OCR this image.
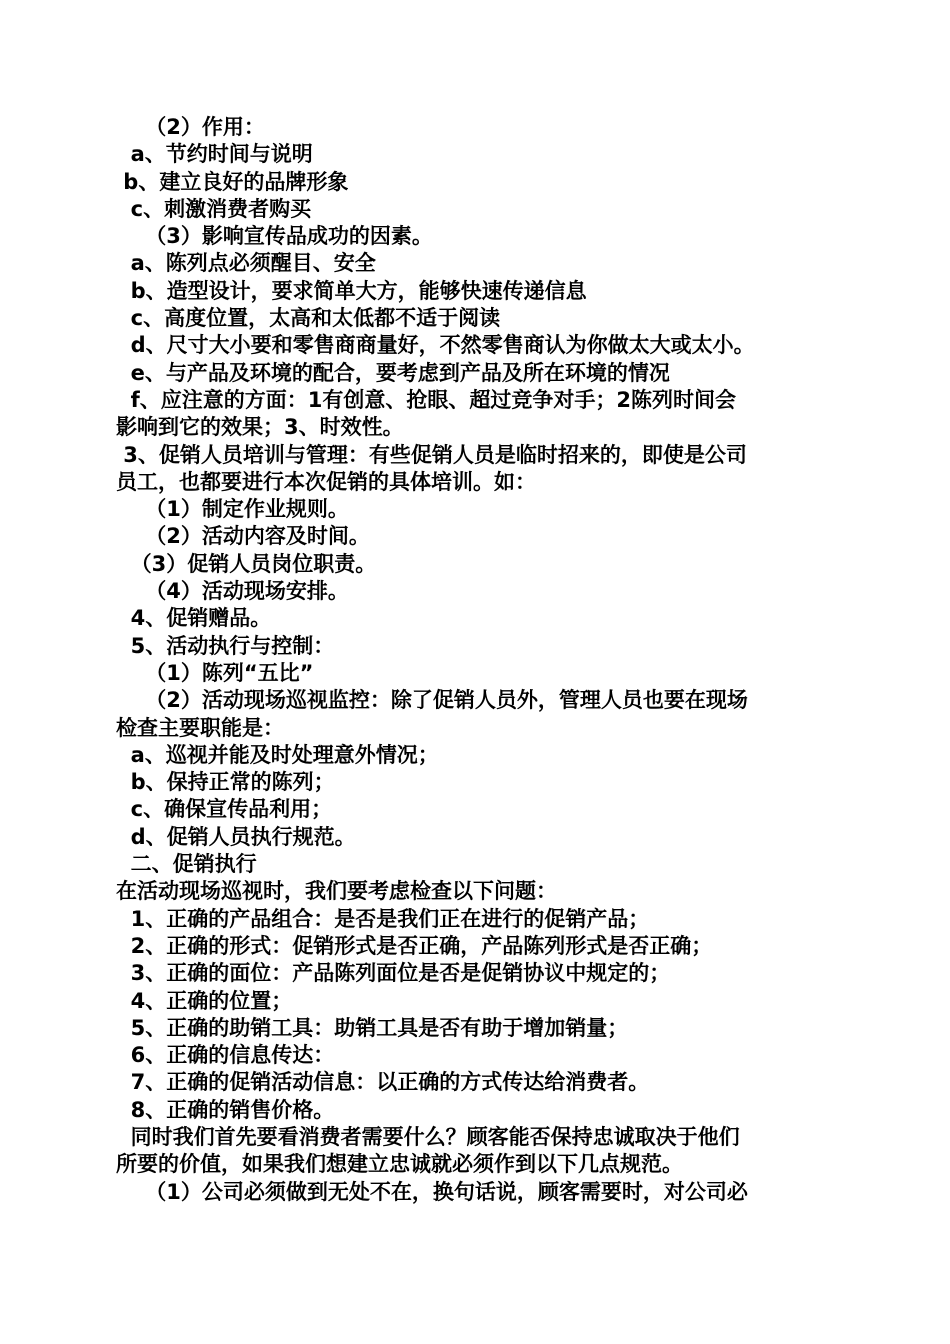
（2）作用：
a、节约时间与说明
b、建立良好的品牌形象
c、刺激消费者购买
（3）影响宣传品成功的因素。
a、陈列点必须醒目、安全
b、造型设计，要求简单大方，能够快速传递信息
c、高度位置，太高和太低都不适于阅读
d、尺寸大小要和零售商商量好，不然零售商认为你做太大或太小。
e、与产品及环境的配合，要考虑到产品及所在环境的情况
f、应注意的方面：1有创意、抢眼、超过竞争对手；2陈列时间会
影响到它的效果；3、时效性。
3、促销人员培训与管理：有些促销人员是临时招来的，即使是公司
员工，也都要进行本次促销的具体培训。如：
（1）制定作业规则。
（2）活动内容及时间。
（3）促销人员岗位职责。
（4）活动现场安排。
4、促销赠品。
5、活动执行与控制：
（1）陈列“五比”
（2）活动现场巡视监控：除了促销人员外，管理人员也要在现场
检查主要职能是：
a、巡视并能及时处理意外情况；
b、保持正常的陈列；
c、确保宣传品利用；
d、促销人员执行规范。
二、促销执行
在活动现场巡视时，我们要考虑检查以下问题：
1、正确的产品组合：是否是我们正在进行的促销产品；
2、正确的形式：促销形式是否正确，产品陈列形式是否正确；
3、正确的面位：产品陈列面位是否是促销协议中规定的；
4、正确的位置；
5、正确的助销工具：助销工具是否有助于增加销量；
6、正确的信息传达：
7、正确的促销活动信息：以正确的方式传达给消费者。
8、正确的销售价格。
同时我们首先要看消费者需要什么？顾客能否保持忠诚取决于他们
所要的价值，如果我们想建立忠诚就必须作到以下几点规范。
（1）公司必须做到无处不在，换句话说，顾客需要时，对公司必
